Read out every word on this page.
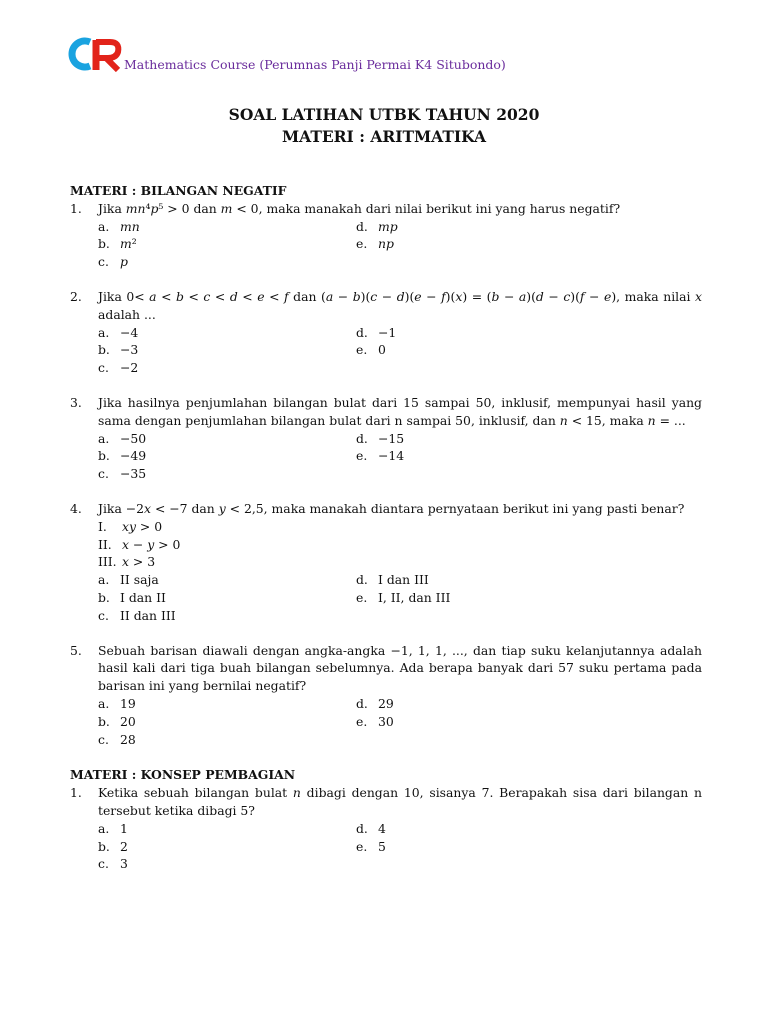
7
Mathematics Course (Perumnas Panji Permai K4 Situbondo)
SOAL LATIHAN UTBK TAHUN 2020
MATERI : ARITMATIKA
MATERI : BILANGAN NEGATIF
1.	Jika 𝑚𝑛⁴𝑝⁵ > 0 dan 𝑚 < 0, maka manakah dari nilai berikut ini yang harus negatif?
a. 𝑚𝑛	d. 𝑚𝑝
b. 𝑚²	e. 𝑛𝑝
c. 𝑝
2.	Jika 0< 𝑎 < 𝑏 < 𝑐 < 𝑑 < 𝑒 < 𝑓 dan (𝑎 − 𝑏)(𝑐 − 𝑑)(𝑒 − 𝑓)(𝑥) = (𝑏 − 𝑎)(𝑑 − 𝑐)(𝑓 − 𝑒), maka nilai 𝑥 adalah ...
a. −4	d. −1
b. −3	e. 0
c. −2
3.	Jika hasilnya penjumlahan bilangan bulat dari 15 sampai 50, inklusif, mempunyai hasil yang sama dengan penjumlahan bilangan bulat dari n sampai 50, inklusif, dan 𝑛 < 15, maka 𝑛 = ...
a. −50	d. −15
b. −49	e. −14
c. −35
4.	Jika −2𝑥 < −7 dan 𝑦 < 2,5, maka manakah diantara pernyataan berikut ini yang pasti benar?
I.	𝑥𝑦 > 0
II. 𝑥 − 𝑦 > 0
III. 𝑥 > 3
a. II saja	d. I dan III
b. I dan II	e. I, II, dan III
c. II dan III
5.	Sebuah barisan diawali dengan angka-angka −1, 1, 1, ..., dan tiap suku kelanjutannya adalah hasil kali dari tiga buah bilangan sebelumnya. Ada berapa banyak dari 57 suku pertama pada barisan ini yang bernilai negatif?
a. 19	d. 29
b. 20	e. 30
c. 28
MATERI : KONSEP PEMBAGIAN
1.	Ketika sebuah bilangan bulat 𝑛 dibagi dengan 10, sisanya 7. Berapakah sisa dari bilangan n tersebut ketika dibagi 5?
a. 1	d. 4
b. 2	e. 5
c. 3
